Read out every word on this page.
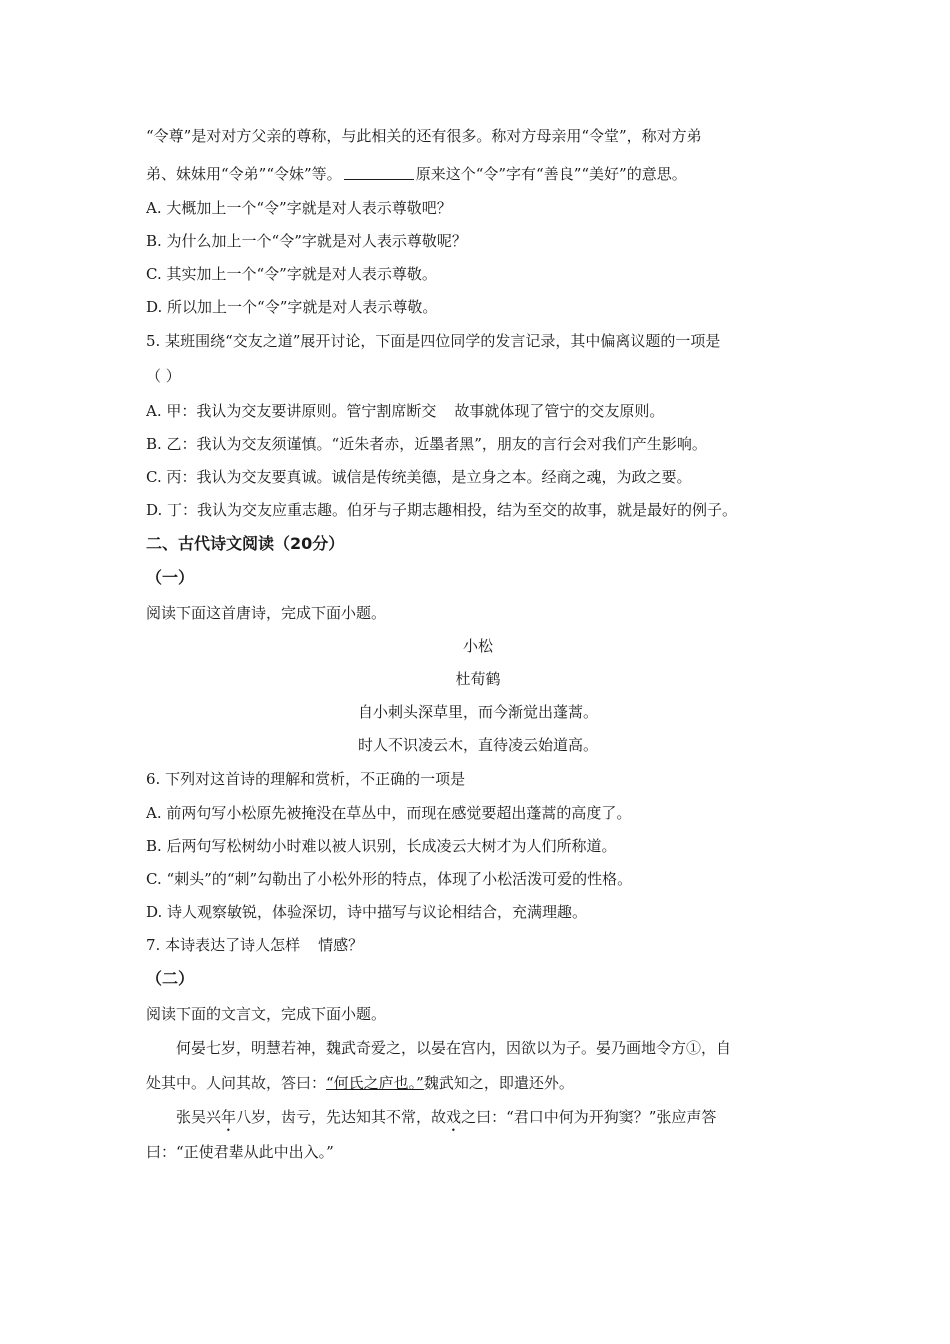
“令尊”是对对方父亲的尊称，与此相关的还有很多。称对方母亲用“令堂”，称对方弟
弟、妹妹用“令弟”“令妹”等。	原来这个“令”字有“善良”“美好”的意思。
A. 大概加上一个“令”字就是对人表示尊敬吧？
B. 为什么加上一个“令”字就是对人表示尊敬呢？
C. 其实加上一个“令”字就是对人表示尊敬。
D. 所以加上一个“令”字就是对人表示尊敬。
5. 某班围绕“交友之道”展开讨论，下面是四位同学的发言记录，其中偏离议题的一项是
（ ）
A. 甲：我认为交友要讲原则。管宁割席断交 故事就体现了管宁的交友原则。
B. 乙：我认为交友须谨慎。“近朱者赤，近墨者黑”，朋友的言行会对我们产生影响。
C. 丙：我认为交友要真诚。诚信是传统美德，是立身之本。经商之魂，为政之要。
D. 丁：我认为交友应重志趣。伯牙与子期志趣相投，结为至交的故事，就是最好的例子。
二、古代诗文阅读（20分）
（一）
阅读下面这首唐诗，完成下面小题。
小松
杜荀鹤
自小刺头深草里，而今渐觉出蓬蒿。
时人不识凌云木，直待凌云始道高。
6. 下列对这首诗的理解和赏析，不正确的一项是
A. 前两句写小松原先被掩没在草丛中，而现在感觉要超出蓬蒿的高度了。
B. 后两句写松树幼小时难以被人识别，长成凌云大树才为人们所称道。
C. “刺头”的“刺”勾勒出了小松外形的特点，体现了小松活泼可爱的性格。
D. 诗人观察敏锐，体验深切，诗中描写与议论相结合，充满理趣。
7. 本诗表达了诗人怎样 情感？
（二）
阅读下面的文言文，完成下面小题。
何晏七岁，明慧若神，魏武奇爱之，以晏在宫内，因欲以为子。晏乃画地令方①，自
处其中。人问其故，答曰：“何氏之庐也。”魏武知之，即遣还外。
张吴兴年八岁，齿亏，先达知其不常，故戏之曰：“君口中何为开狗窦？”张应声答
曰：“正使君辈从此中出入。”
